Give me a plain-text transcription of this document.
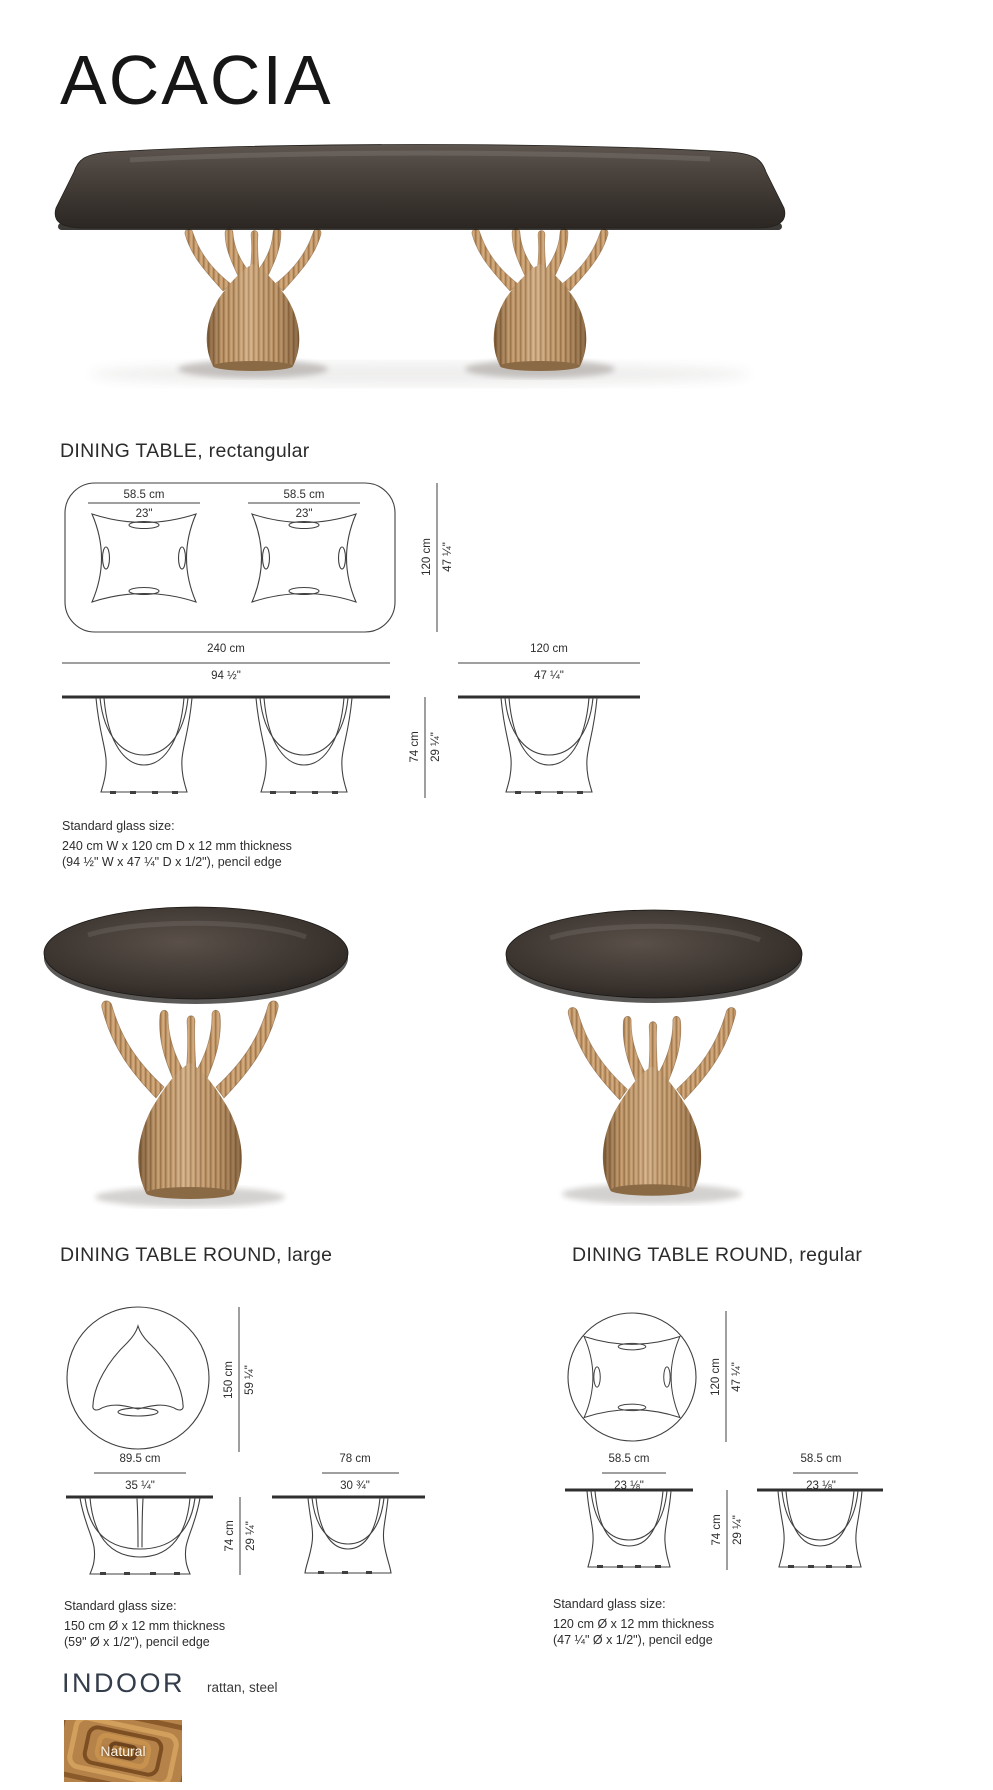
ACACIA
DINING TABLE, rectangular
58.5 cm
23"
58.5 cm
23"
120 cm 47 ¼"
240 cm
94 ½"
74 cm 29 ¼"
120 cm
47 ¼"
Standard glass size:
240 cm W x 120 cm D x 12 mm thickness
(94 ½" W x 47 ¼" D x 1/2"), pencil edge
DINING TABLE ROUND, large	DINING TABLE ROUND, regular
150 cm 59 ¼"
89.5 cm
35 ¼"
74 cm 29 ¼"
78 cm
30 ¾"
120 cm 47 ¼"
58.5 cm
23 ⅛"
58.5 cm
23 ⅛"
74 cm 29 ¼"
Standard glass size:
150 cm Ø x 12 mm thickness
(59" Ø x 1/2"), pencil edge
Standard glass size:
120 cm Ø x 12 mm thickness
(47 ¼" Ø x 1/2"), pencil edge
INDOOR rattan, steel
Natural
